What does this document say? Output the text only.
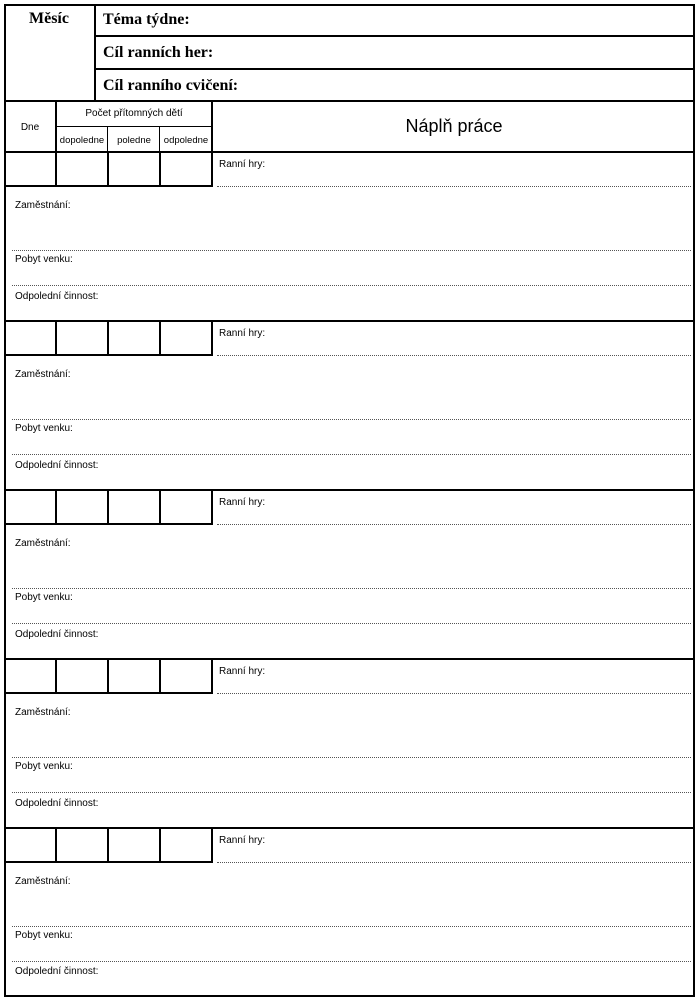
Měsíc	Téma týdne:
Cíl ranních her:
Cíl ranního cvičení:
Dne
Počet přítomných dětí
dopoledne	poledne	odpoledne
Náplň práce
Ranní hry:
Zaměstnání:
Pobyt venku:
Odpolední činnost:
Ranní hry:
Zaměstnání:
Pobyt venku:
Odpolední činnost:
Ranní hry:
Zaměstnání:
Pobyt venku:
Odpolední činnost:
Ranní hry:
Zaměstnání:
Pobyt venku:
Odpolední činnost:
Ranní hry:
Zaměstnání:
Pobyt venku:
Odpolední činnost:
